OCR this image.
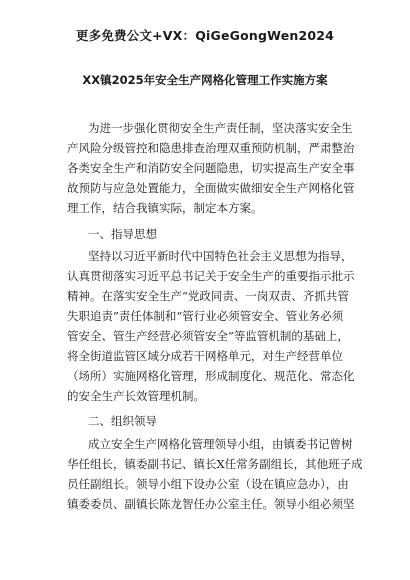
更多免费公文+VX：QiGeGongWen2024
XX镇2025年安全生产网格化管理工作实施方案
为进一步强化贯彻安全生产责任制，坚决落实安全生
产风险分级管控和隐患排查治理双重预防机制，严肃整治
各类安全生产和消防安全问题隐患，切实提高生产安全事
故预防与应急处置能力，全面做实做细安全生产网格化管
理工作，结合我镇实际，制定本方案。
一、指导思想
坚持以习近平新时代中国特色社会主义思想为指导，
认真贯彻落实习近平总书记关于安全生产的重要指示批示
精神。在落实安全生产“党政同责、一岗双责、齐抓共管
失职追责”责任体制和“管行业必须管安全、管业务必须
管安全、管生产经营必须管安全”等监管机制的基础上，
将全街道监管区域分成若干网格单元，对生产经营单位
（场所）实施网格化管理，形成制度化、规范化、常态化
的安全生产长效管理机制。
二、组织领导
成立安全生产网格化管理领导小组，由镇委书记曾树
华任组长，镇委副书记、镇长X任常务副组长，其他班子成
员任副组长。领导小组下设办公室（设在镇应急办），由
镇委委员、副镇长陈龙智任办公室主任。领导小组必须坚
